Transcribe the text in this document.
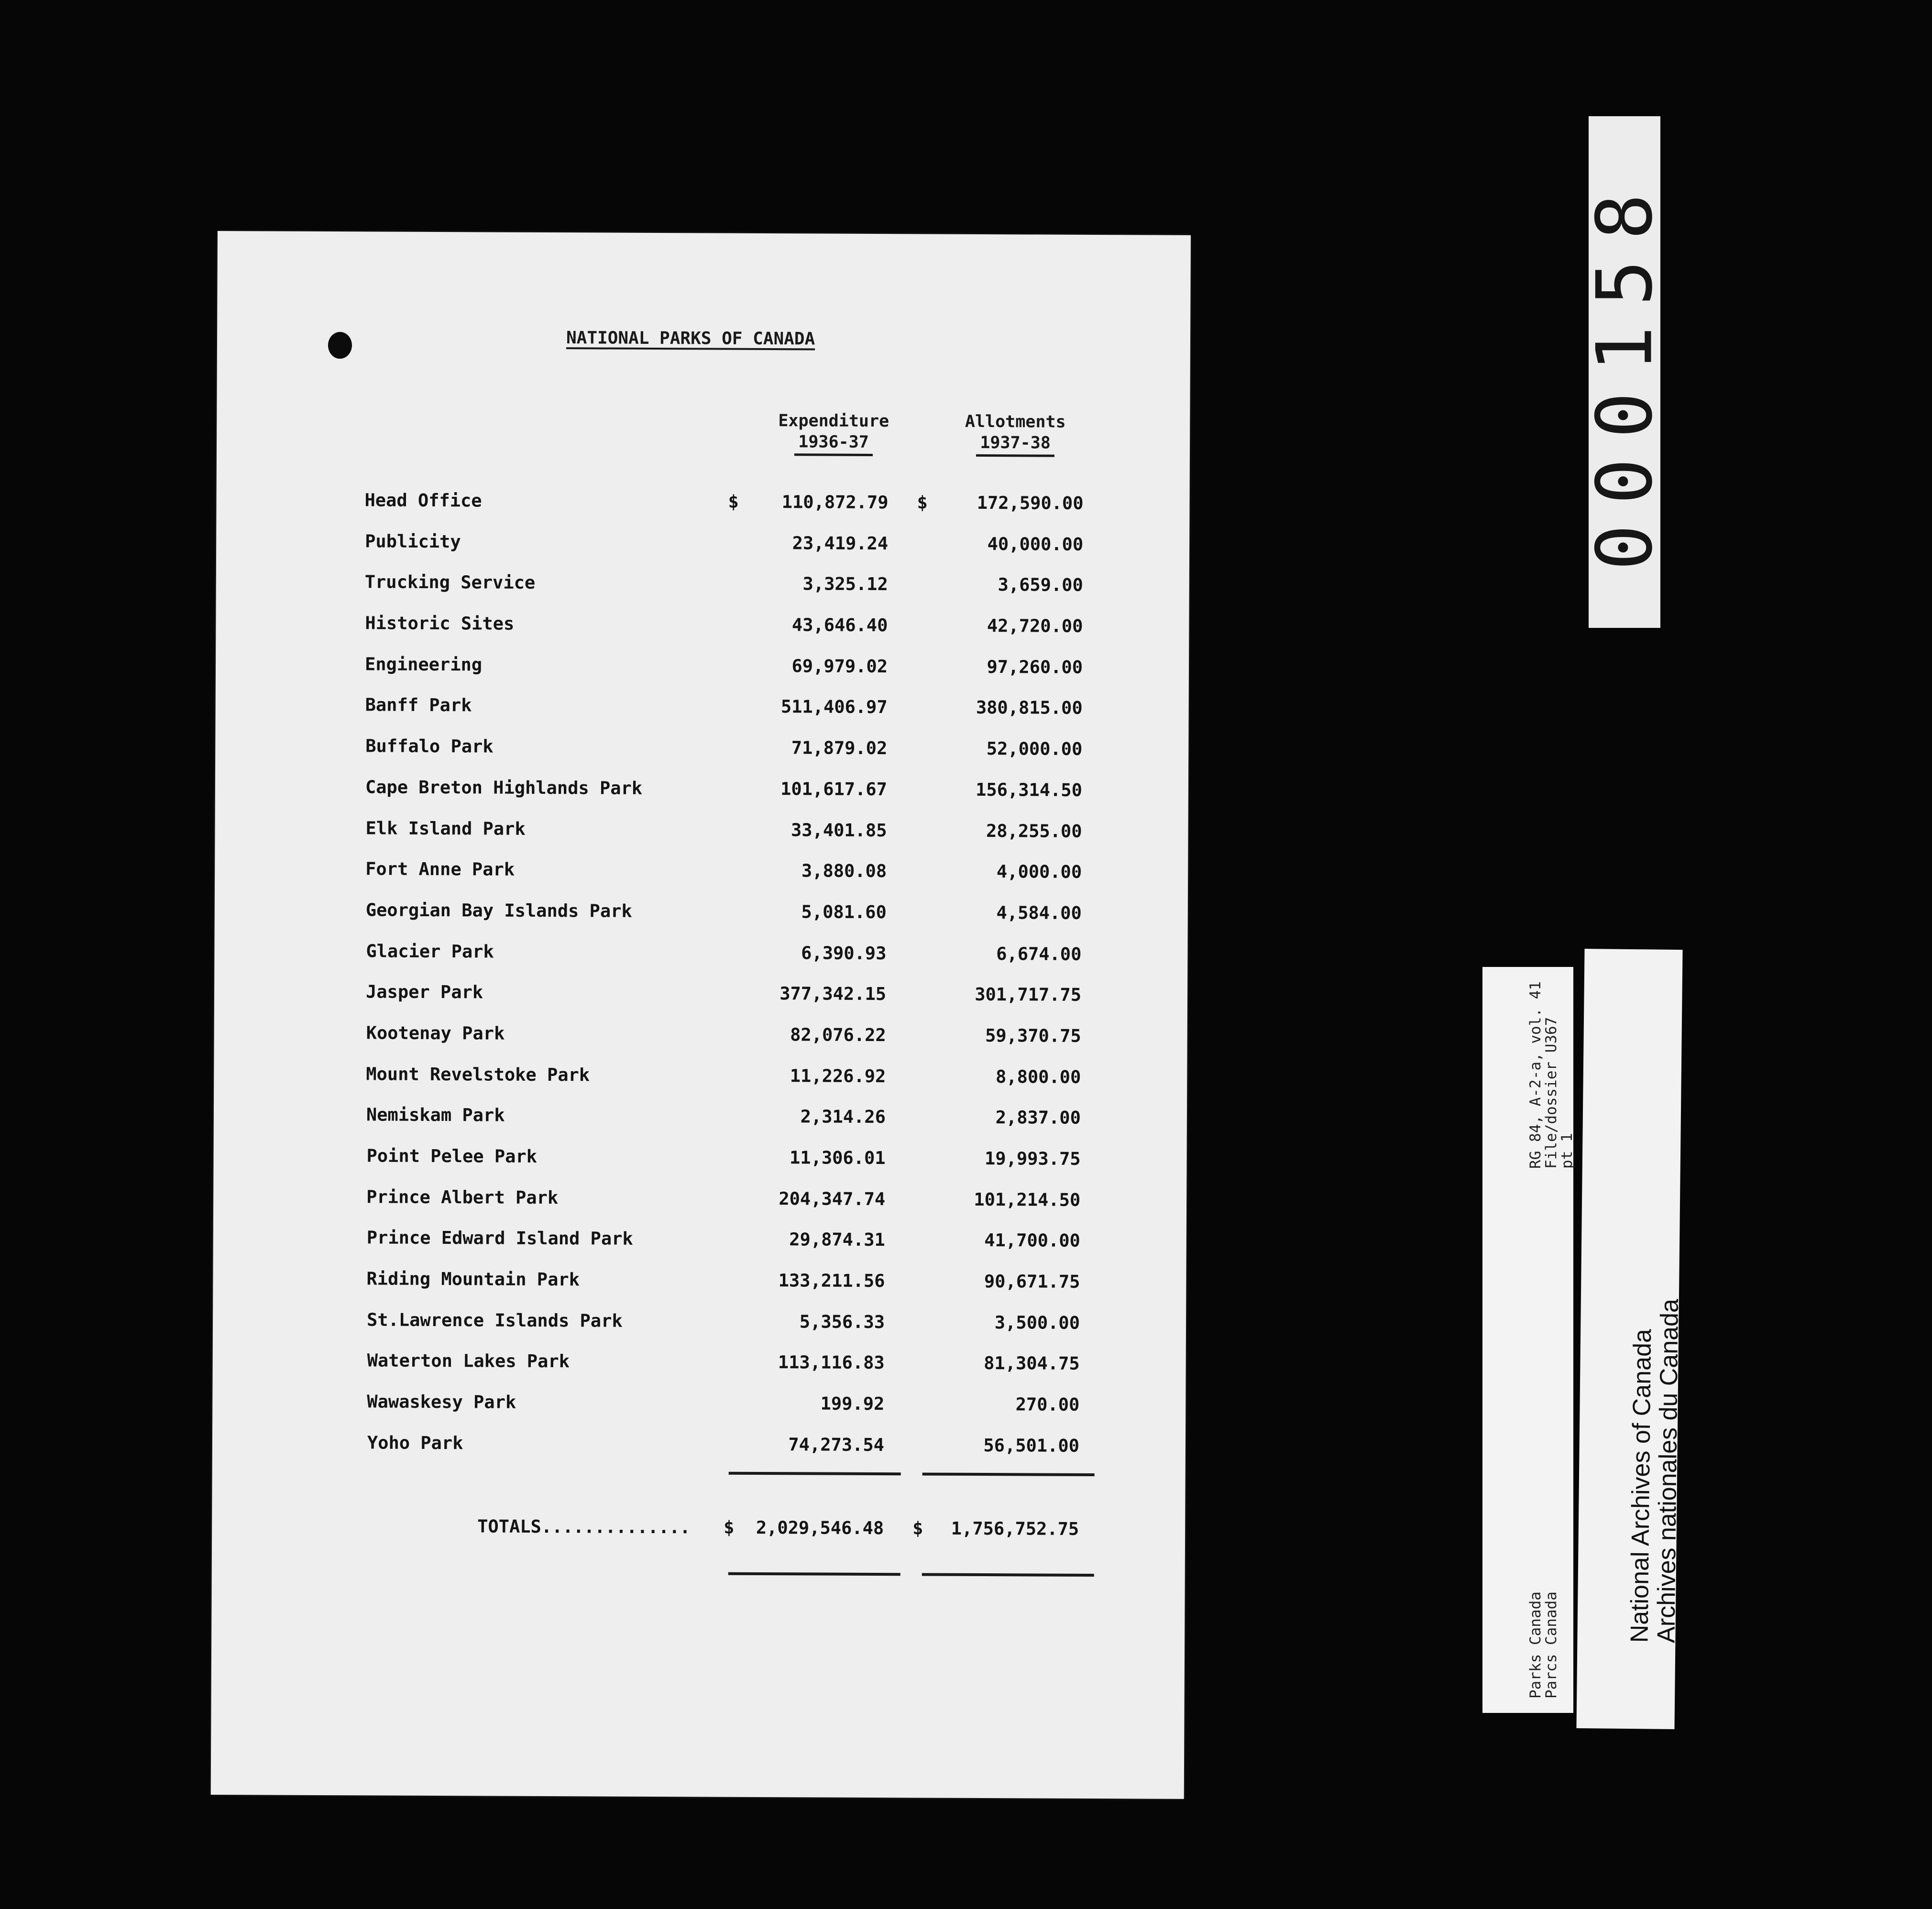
NATIONAL PARKS OF CANADA
Expenditure
1936-37
Allotments
1937-38
Head Office	$ 110,872.79 $	172,590.00
Publicity	23,419.24	40,000.00
Trucking Service	3,325.12	3,659.00
Historic Sites	43,646.40	42,720.00
Engineering	69,979.02	97,260.00
Banff Park	511,406.97	380,815.00
Buffalo Park	71,879.02	52,000.00
Cape Breton Highlands Park	101,617.67	156,314.50
Elk Island Park	33,401.85	28,255.00
Fort Anne Park	3,880.08	4,000.00
Georgian Bay Islands Park	5,081.60	4,584.00
Glacier Park	6,390.93	6,674.00
Jasper Park	377,342.15	301,717.75
Kootenay Park	82,076.22	59,370.75
Mount Revelstoke Park	11,226.92	8,800.00
Nemiskam Park	2,314.26	2,837.00
Point Pelee Park	11,306.01	19,993.75
Prince Albert Park	204,347.74	101,214.50
Prince Edward Island Park	29,874.31	41,700.00
Riding Mountain Park	133,211.56	90,671.75
St.Lawrence Islands Park	5,356.33	3,500.00
Waterton Lakes Park	113,116.83	81,304.75
Wawaskesy Park	199.92	270.00
Yoho Park	74,273.54	56,501.00
TOTALS.............. $ 2,029,546.48 $ 1,756,752.75
000158
Parks Canada
Parcs Canada
RG 84, A-2-a, vol. 41
File/dossier U367
pt 1
National Archives of Canada
Archives nationales du Canada
